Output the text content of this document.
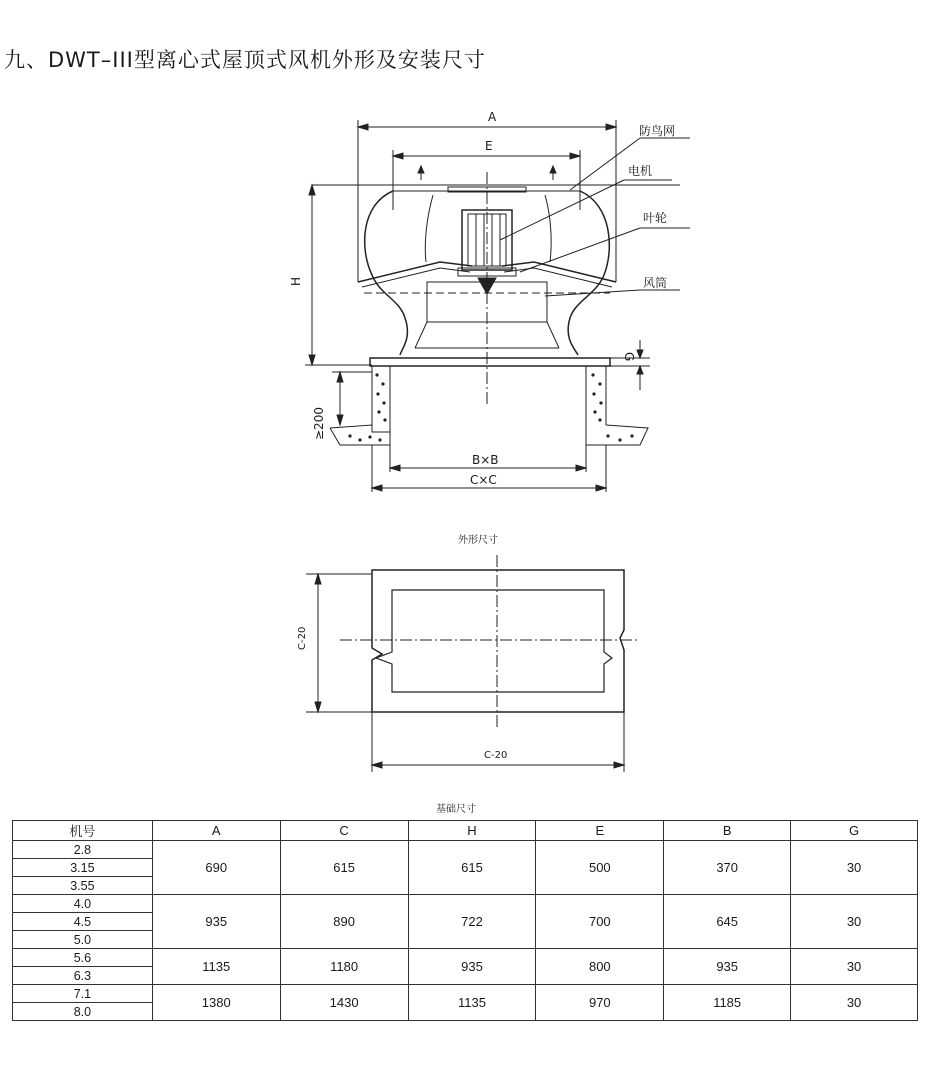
九、DWT–III型离心式屋顶式风机外形及安装尺寸
A
E
防鸟网
电机
叶轮
风筒
H
G
≥200
B×B
C×C
外形尺寸
C-20
C-20
基础尺寸
机号	A	C	H	E	B	G
2.8	690	615	615	500	370	30
3.15						
3.55						
4.0	935	890	722	700	645	30
4.5						
5.0						
5.6	1135	1180	935	800	935	30
6.3						
7.1	1380	1430	1135	970	1185	30
8.0						
